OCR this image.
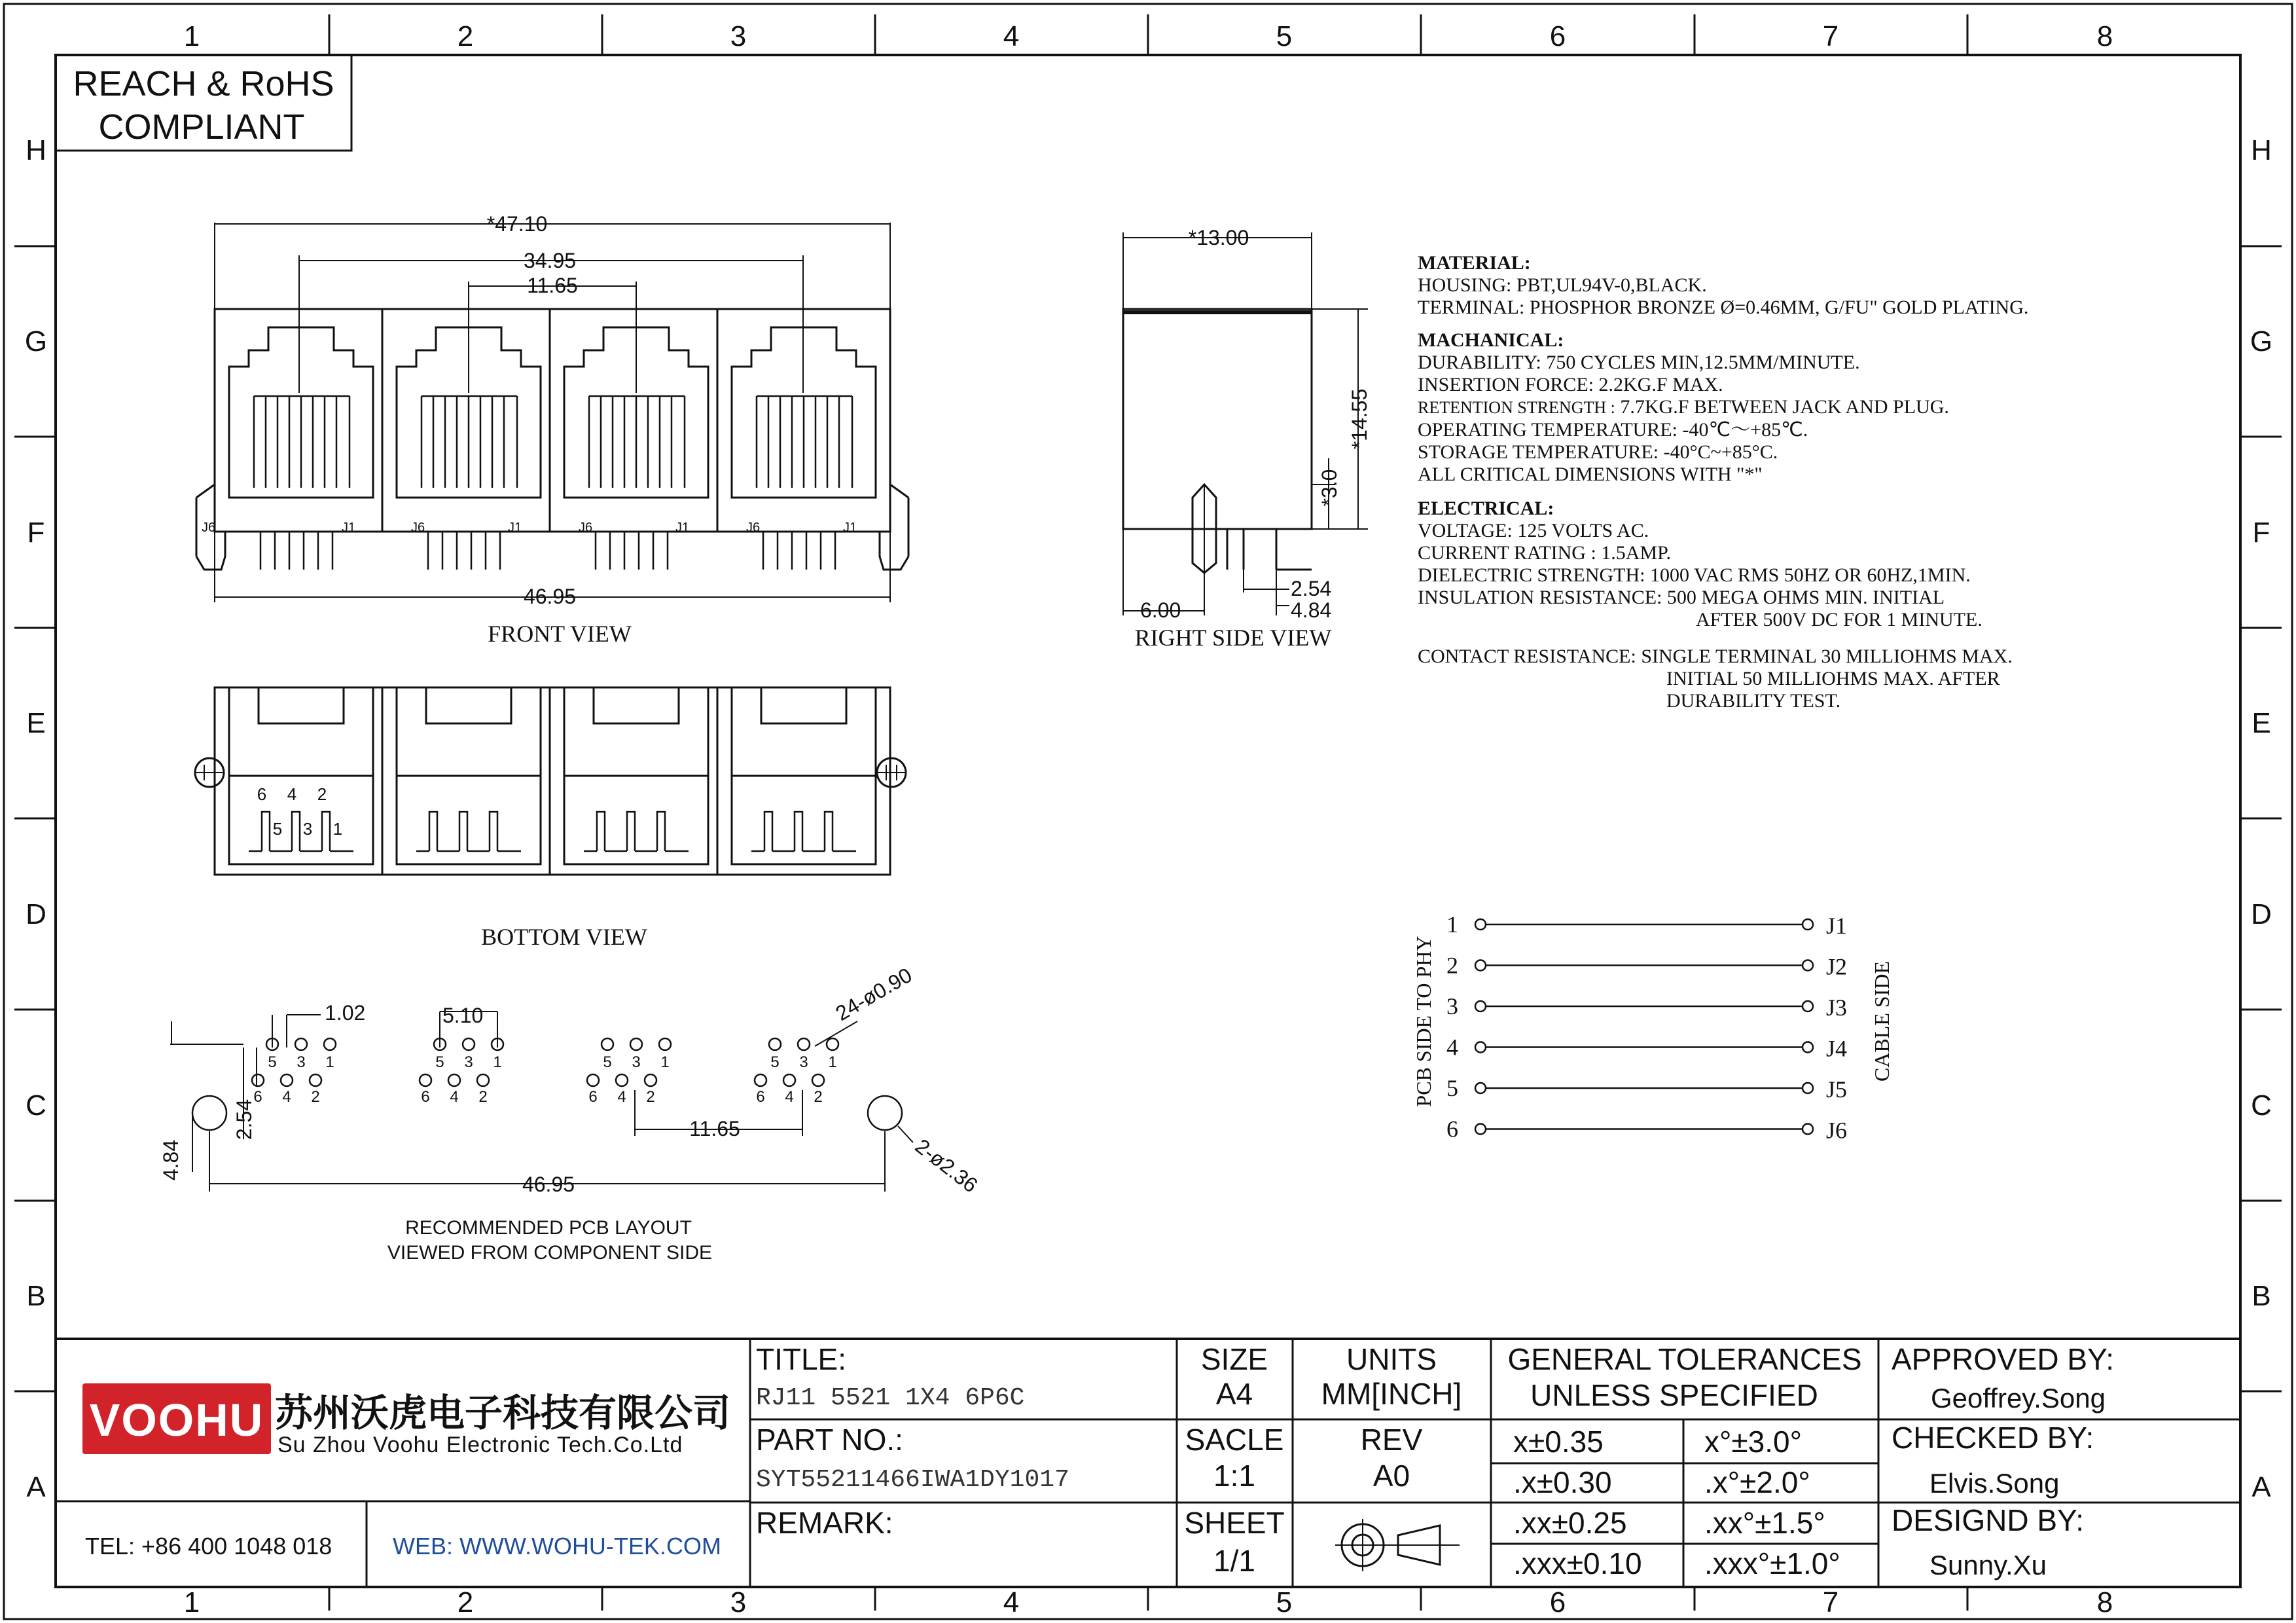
1	2	3	4	5	6	7	8
1	2	3	4	5	6	7	8
H
G
F
E
D
C
B
A
H
G
F
E
D
C
B
A
REACH & RoHS
COMPLIANT
*47.10
34.95
11.65
46.95
J6	J1	J6	J1	J6	J1	J6	J1
FRONT VIEW
*13.00
*14.55
*3.0
2.54
4.84
6.00
RIGHT SIDE VIEW
6 4 2
5 3 1
BOTTOM VIEW
1.02	5.10	24-ø0.90
2.54
4.84
11.65
46.95	2-ø2.36
RECOMMENDED PCB LAYOUT
VIEWED FROM COMPONENT SIDE
5 3 1
6 4 2
5 3 1
6 4 2
5 3 1
6 4 2
5 3 1
6 4 2	PCB SIDE TO PHY	CABLE SIDE
1	J1
2	J2
3	J3
4	J4
5	J5
6	J6
VOOHU 苏州沃虎电子科技有限公司
Su Zhou Voohu Electronic Tech.Co.Ltd
TEL: +86 400 1048 018	WEB: WWW.WOHU-TEK.COM
TITLE:
RJ11 5521 1X4 6P6C
PART NO.:
SYT55211466IWA1DY1017
REMARK:
SIZE
A4
UNITS
MM[INCH]
SACLE
1:1
REV
A0
SHEET
1/1
GENERAL TOLERANCES
UNLESS SPECIFIED
x±0.35	x°±3.0°
.x±0.30	.x°±2.0°
.xx±0.25	.xx°±1.5°
.xxx±0.10 .xxx°±1.0°
APPROVED BY:
Geoffrey.Song
CHECKED BY:
Elvis.Song
DESIGND BY:
Sunny.Xu
MATERIAL:
HOUSING: PBT,UL94V-0,BLACK.
TERMINAL: PHOSPHOR BRONZE Ø=0.46MM, G/FU" GOLD PLATING.
MACHANICAL:
DURABILITY: 750 CYCLES MIN,12.5MM/MINUTE.
INSERTION FORCE: 2.2KG.F MAX.
RETENTION STRENGTH : 7.7KG.F BETWEEN JACK AND PLUG.
OPERATING TEMPERATURE: -40℃～+85℃.
STORAGE TEMPERATURE: -40°C~+85°C.
ALL CRITICAL DIMENSIONS WITH "*"
ELECTRICAL:
VOLTAGE: 125 VOLTS AC.
CURRENT RATING : 1.5AMP.
DIELECTRIC STRENGTH: 1000 VAC RMS 50HZ OR 60HZ,1MIN.
INSULATION RESISTANCE: 500 MEGA OHMS MIN. INITIAL
AFTER 500V DC FOR 1 MINUTE.
CONTACT RESISTANCE: SINGLE TERMINAL 30 MILLIOHMS MAX.
INITIAL 50 MILLIOHMS MAX. AFTER
DURABILITY TEST.
